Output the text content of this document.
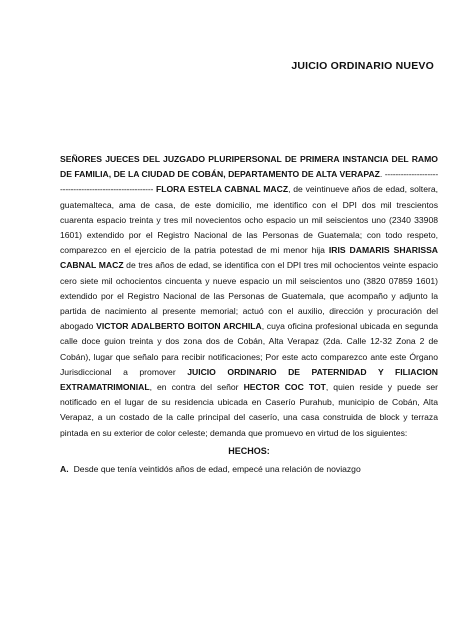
JUICIO ORDINARIO NUEVO

SEÑORES JUECES DEL JUZGADO PLURIPERSONAL DE PRIMERA INSTANCIA DEL RAMO DE FAMILIA, DE LA CIUDAD DE COBÁN, DEPARTAMENTO DE ALTA VERAPAZ. ------------------------------------------------------- FLORA ESTELA CABNAL MACZ, de veintinueve años de edad, soltera, guatemalteca, ama de casa, de este domicilio, me identifico con el DPI dos mil trescientos cuarenta espacio treinta y tres mil novecientos ocho espacio un mil seiscientos uno (2340 33908 1601) extendido por el Registro Nacional de las Personas de Guatemala; con todo respeto, comparezco en el ejercicio de la patria potestad de mi menor hija IRIS DAMARIS SHARISSA CABNAL MACZ de tres años de edad, se identifica con el DPI tres mil ochocientos veinte espacio cero siete mil ochocientos cincuenta y nueve espacio un mil seiscientos uno (3820 07859 1601) extendido por el Registro Nacional de las Personas de Guatemala, que acompaño y adjunto la partida de nacimiento al presente memorial; actuó con el auxilio, dirección y procuración del abogado VICTOR ADALBERTO BOITON ARCHILA, cuya oficina profesional ubicada en segunda calle doce guion treinta y dos zona dos de Cobán, Alta Verapaz (2da. Calle 12-32 Zona 2 de Cobán), lugar que señalo para recibir notificaciones; Por este acto comparezco ante este Órgano Jurisdiccional a promover JUICIO ORDINARIO DE PATERNIDAD Y FILIACION EXTRAMATRIMONIAL, en contra del señor HECTOR COC TOT, quien reside y puede ser notificado en el lugar de su residencia ubicada en Caserío Purahub, municipio de Cobán, Alta Verapaz, a un costado de la calle principal del caserío, una casa construida de block y terraza pintada en su exterior de color celeste; demanda que promuevo en virtud de los siguientes:

HECHOS:

A. Desde que tenía veintidós años de edad, empecé una relación de noviazgo
